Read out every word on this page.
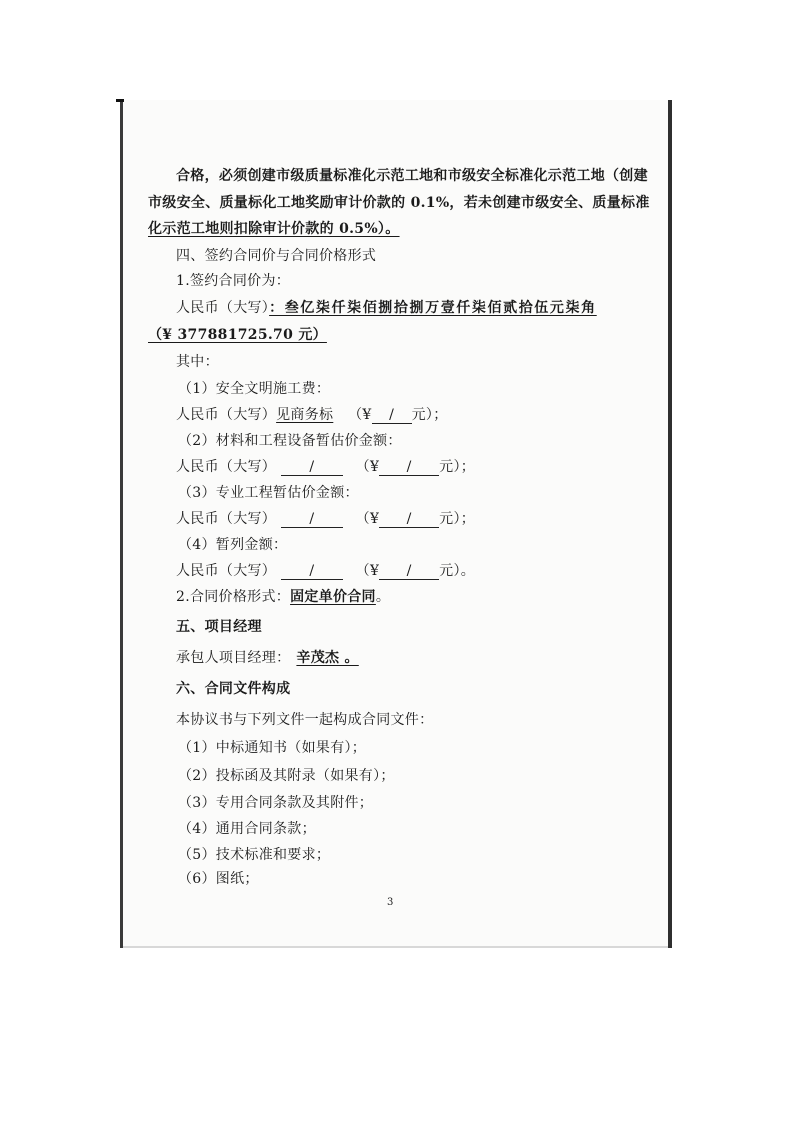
合格，必须创建市级质量标准化示范工地和市级安全标准化示范工地（创建
市级安全、质量标化工地奖励审计价款的 0.1%，若未创建市级安全、质量标准
化示范工地则扣除审计价款的 0.5%）。
四、签约合同价与合同价格形式
1.签约合同价为：
人民币（大写）：叁亿柒仟柒佰捌拾捌万壹仟柒佰贰拾伍元柒角
（¥ 377881725.70 元）
其中：
（1）安全文明施工费：
人民币（大写）见商务标 （¥ / 元）；
（2）材料和工程设备暂估价金额：
人民币（大写） /	（¥ / 元）；
（3）专业工程暂估价金额：
人民币（大写） /	（¥ / 元）；
（4）暂列金额：
人民币（大写） /	（¥ / 元）。
2.合同价格形式：固定单价合同。
五、项目经理
承包人项目经理： 辛茂杰 。
六、合同文件构成
本协议书与下列文件一起构成合同文件：
（1）中标通知书（如果有）；
（2）投标函及其附录（如果有）；
（3）专用合同条款及其附件；
（4）通用合同条款；
（5）技术标准和要求；
（6）图纸；
3
